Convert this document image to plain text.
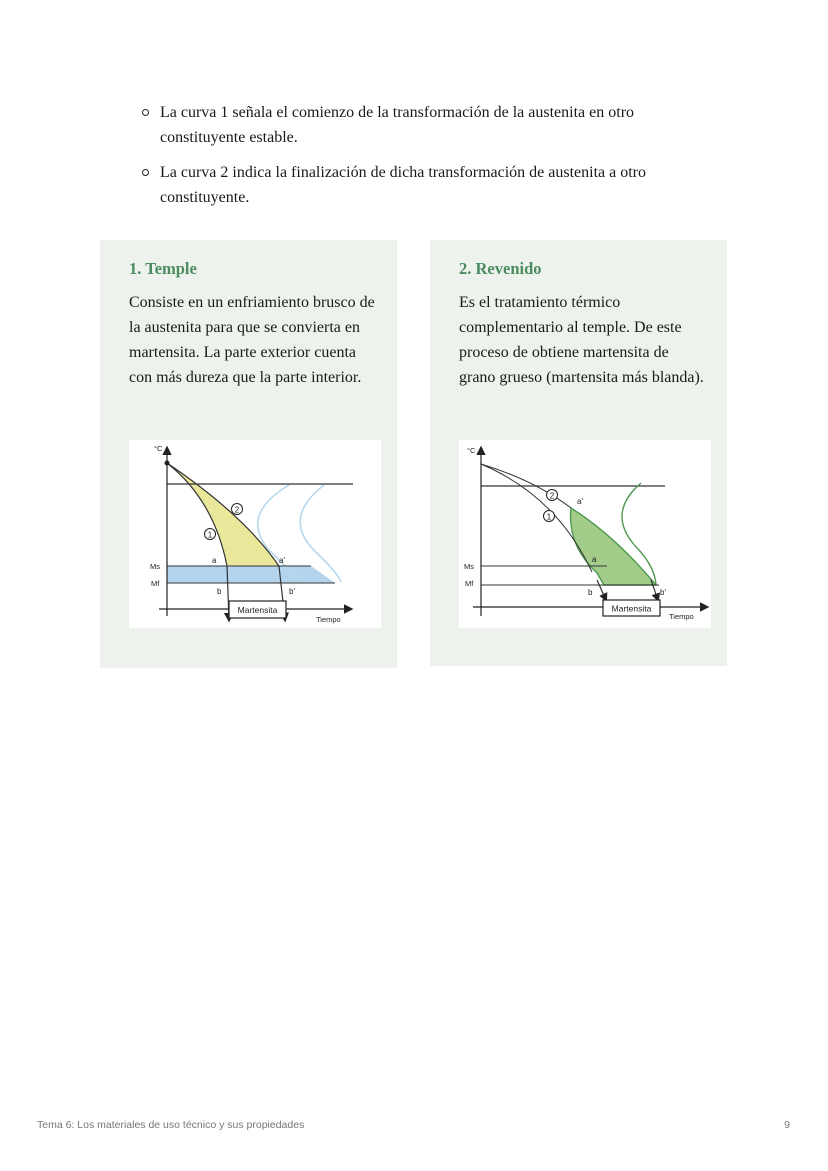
La curva 1 señala el comienzo de la transformación de la austenita en otro constituyente estable.
La curva 2 indica la finalización de dicha transformación de austenita a otro constituyente.
1. Temple

Consiste en un enfriamiento brusco de la austenita para que se convierta en martensita. La parte exterior cuenta con más dureza que la parte interior.

1
2
°C
Ms
Mf
a	a'
b	b'
Martensita
Tiempo
2. Revenido

Es el tratamiento térmico complementario al temple. De este proceso de obtiene martensita de grano grueso (martensita más blanda).

1
2
°C
Ms
Mf
a
a'
b	b'
Martensita
Tiempo
Tema 6: Los materiales de uso técnico y sus propiedades	9
